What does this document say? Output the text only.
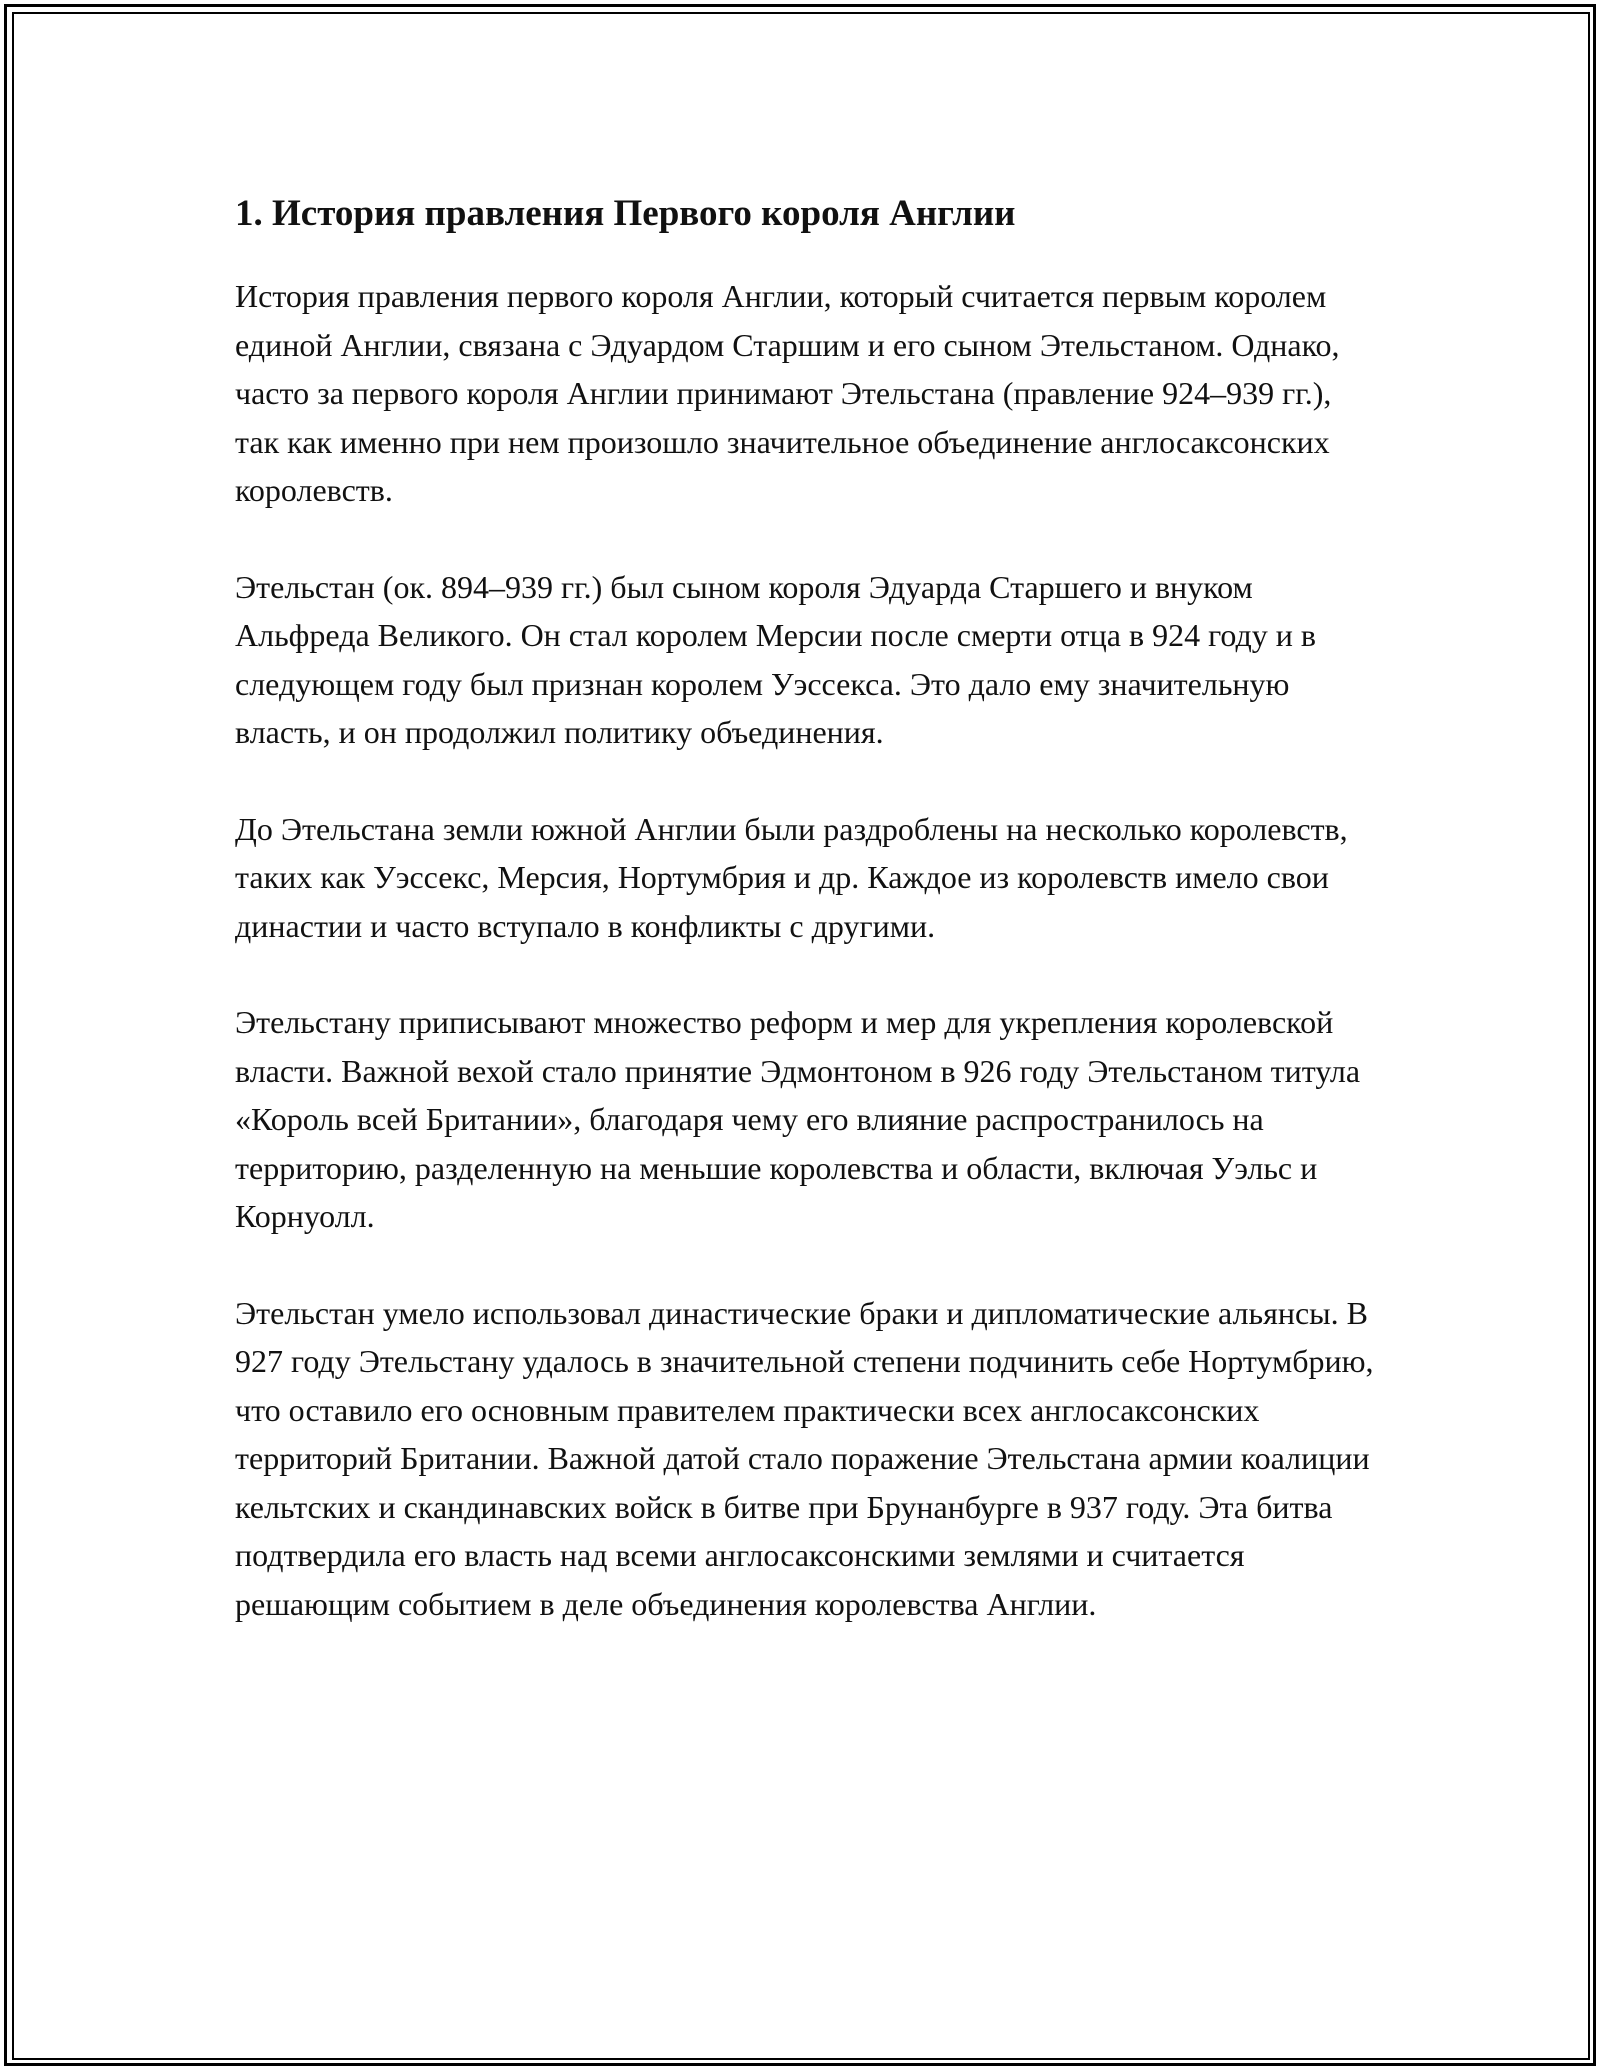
1. История правления Первого короля Англии

История правления первого короля Англии, который считается первым королем единой Англии, связана с Эдуардом Старшим и его сыном Этельстаном. Однако, часто за первого короля Англии принимают Этельстана (правление 924–939 гг.), так как именно при нем произошло значительное объединение англосаксонских королевств.

Этельстан (ок. 894–939 гг.) был сыном короля Эдуарда Старшего и внуком Альфреда Великого. Он стал королем Мерсии после смерти отца в 924 году и в следующем году был признан королем Уэссекса. Это дало ему значительную власть, и он продолжил политику объединения.

До Этельстана земли южной Англии были раздроблены на несколько королевств, таких как Уэссекс, Мерсия, Нортумбрия и др. Каждое из королевств имело свои династии и часто вступало в конфликты с другими.

Этельстану приписывают множество реформ и мер для укрепления королевской власти. Важной вехой стало принятие Эдмонтоном в 926 году Этельстаном титула «Король всей Британии», благодаря чему его влияние распространилось на территорию, разделенную на меньшие королевства и области, включая Уэльс и Корнуолл.

Этельстан умело использовал династические браки и дипломатические альянсы. В 927 году Этельстану удалось в значительной степени подчинить себе Нортумбрию, что оставило его основным правителем практически всех англосаксонских территорий Британии. Важной датой стало поражение Этельстана армии коалиции кельтских и скандинавских войск в битве при Брунанбурге в 937 году. Эта битва подтвердила его власть над всеми англосаксонскими землями и считается решающим событием в деле объединения королевства Англии.
